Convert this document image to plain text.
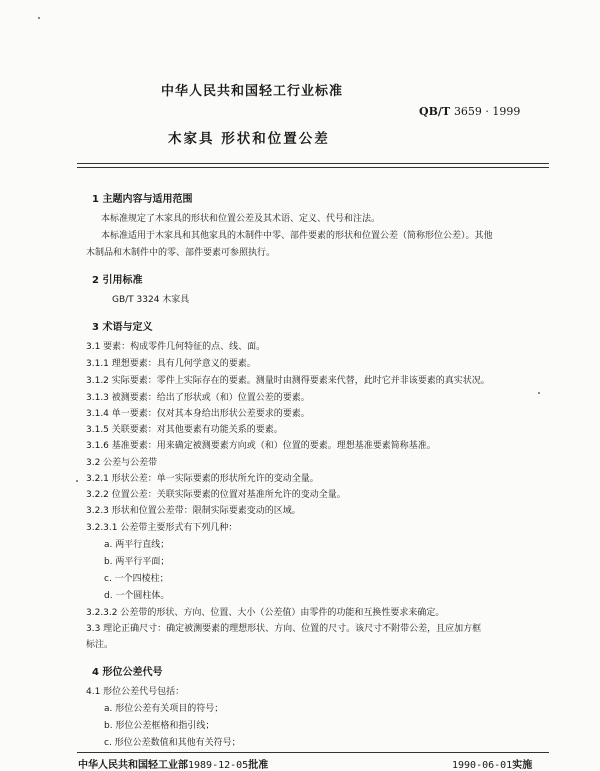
中华人民共和国轻工行业标准
QB/T 3659 · 1999
木家具 形状和位置公差
1 主题内容与适用范围
本标准规定了木家具的形状和位置公差及其术语、定义、代号和注法。
本标准适用于木家具和其他家具的木制件中零、部件要素的形状和位置公差（简称形位公差）。其他
木制品和木制件中的零、部件要素可参照执行。
2 引用标准
GB/T 3324 木家具
3 术语与定义
3.1 要素：构成零件几何特征的点、线、面。
3.1.1 理想要素：具有几何学意义的要素。
3.1.2 实际要素：零件上实际存在的要素。测量时由测得要素来代替，此时它并非该要素的真实状况。
3.1.3 被测要素：给出了形状或（和）位置公差的要素。
3.1.4 单一要素：仅对其本身给出形状公差要求的要素。
3.1.5 关联要素：对其他要素有功能关系的要素。
3.1.6 基准要素：用来确定被测要素方向或（和）位置的要素。理想基准要素简称基准。
3.2 公差与公差带
3.2.1 形状公差：单一实际要素的形状所允许的变动全量。
3.2.2 位置公差：关联实际要素的位置对基准所允许的变动全量。
3.2.3 形状和位置公差带：限制实际要素变动的区域。
3.2.3.1 公差带主要形式有下列几种：
a. 两平行直线；
b. 两平行平面；
c. 一个四棱柱；
d. 一个圆柱体。
3.2.3.2 公差带的形状、方向、位置、大小（公差值）由零件的功能和互换性要求来确定。
3.3 理论正确尺寸：确定被测要素的理想形状、方向、位置的尺寸。该尺寸不附带公差，且应加方框
标注。
4 形位公差代号
4.1 形位公差代号包括：
a. 形位公差有关项目的符号；
b. 形位公差框格和指引线；
c. 形位公差数值和其他有关符号；
中华人民共和国轻工业部1989-12-05批准	1990-06-01实施
